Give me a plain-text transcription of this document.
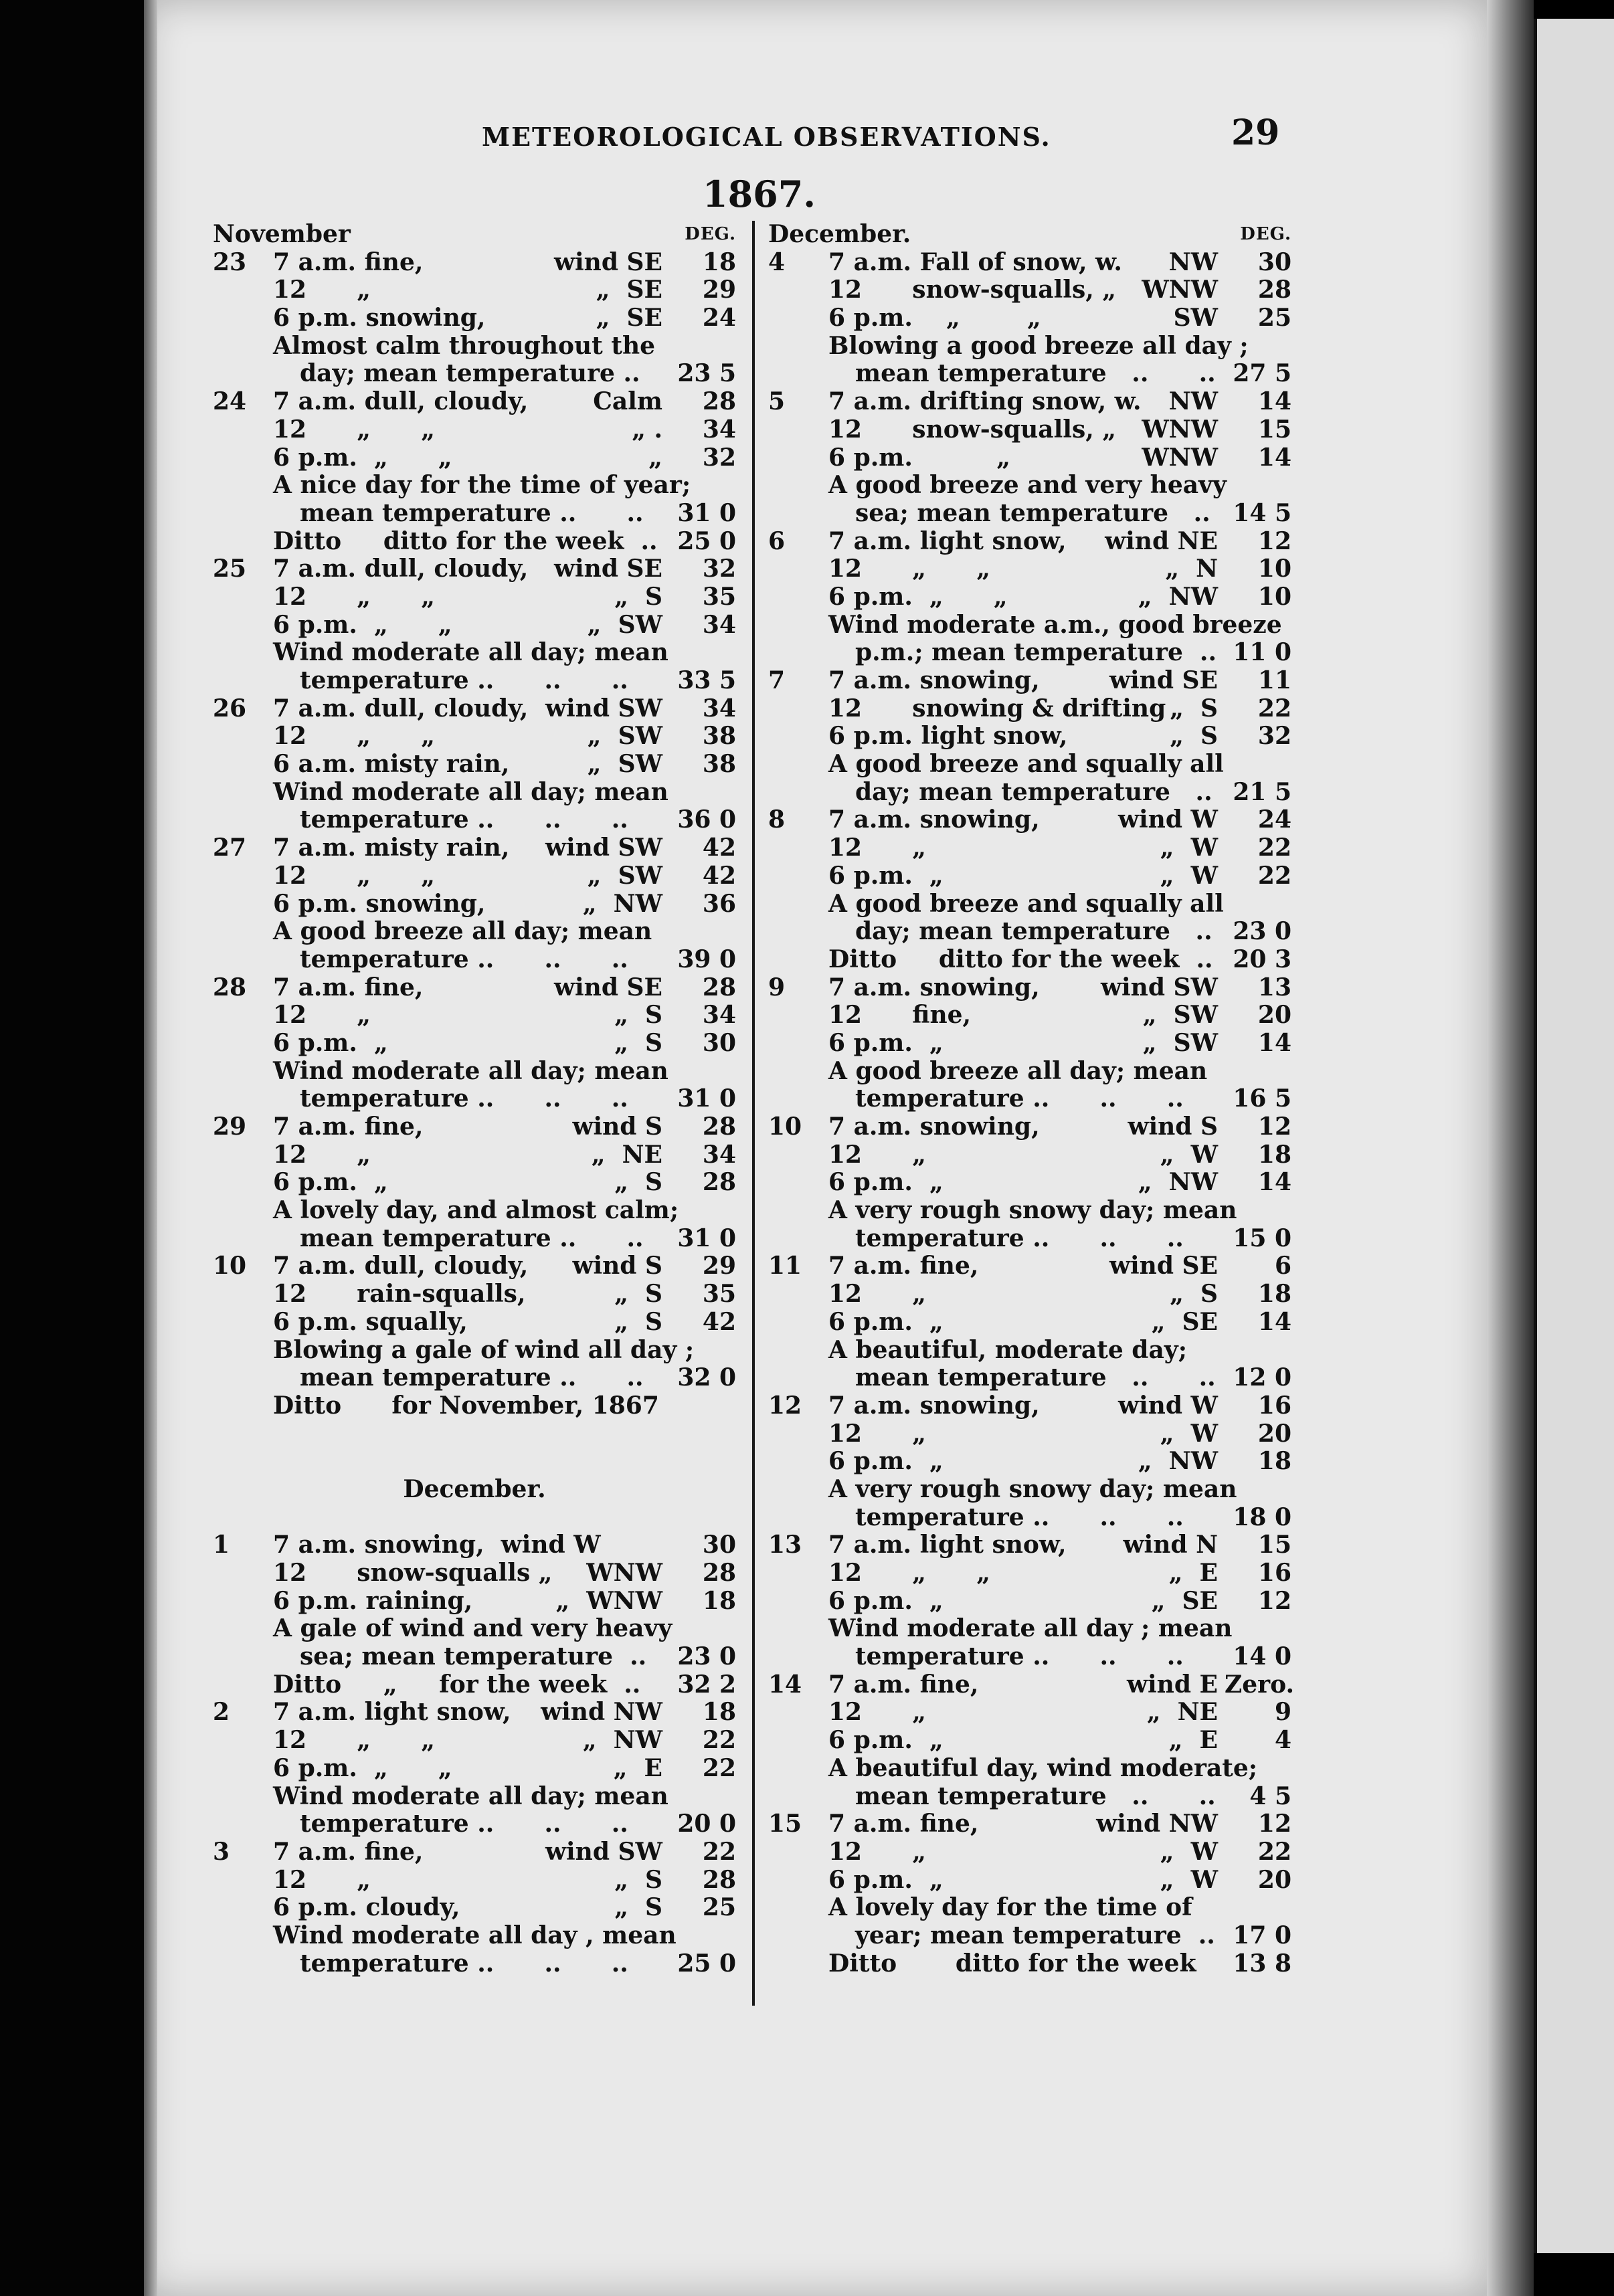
METEOROLOGICAL OBSERVATIONS.	29
1867.
November	DEG.
23	7 a.m. fine,	wind SE	18
12      „	„  SE	29
6 p.m. snowing,	„  SE	24
Almost calm throughout the
day; mean temperature ..	23 5
24	7 a.m. dull, cloudy,	Calm	28
12      „      „	„ .	34
6 p.m.  „      „	„	32
A nice day for the time of year;
mean temperature ..      ..	31 0
Ditto     ditto for the week  .. 25 0
25	7 a.m. dull, cloudy, wind SE	32
12      „      „	„  S	35
6 p.m.  „      „	„  SW	34
Wind moderate all day; mean
temperature ..      ..      ..	33 5
26	7 a.m. dull, cloudy, wind SW	34
12      „      „	„  SW	38
6 a.m. misty rain,	„  SW	38
Wind moderate all day; mean
temperature ..      ..      ..	36 0
27	7 a.m. misty rain, wind SW	42
12      „      „	„  SW	42
6 p.m. snowing,	„  NW	36
A good breeze all day; mean
temperature ..      ..      ..	39 0
28	7 a.m. fine,	wind SE	28
12      „	„  S	34
6 p.m.  „	„  S	30
Wind moderate all day; mean
temperature ..      ..      ..	31 0
29	7 a.m. fine,	wind S	28
12      „	„  NE	34
6 p.m.  „	„  S	28
A lovely day, and almost calm;
mean temperature ..      ..	31 0
10	7 a.m. dull, cloudy, wind S	29
12      rain-squalls,	„  S	35
6 p.m. squally,	„  S	42
Blowing a gale of wind all day ;
mean temperature ..      ..	32 0
Ditto      for November, 1867
December.
1	7 a.m. snowing,  wind W	30
12      snow-squalls „ WNW	28
6 p.m. raining,	„  WNW	18
A gale of wind and very heavy
sea; mean temperature  ..	23 0
Ditto     „     for the week  ..	32 2
2	7 a.m. light snow, wind NW	18
12      „      „	„  NW	22
6 p.m.  „      „	„  E	22
Wind moderate all day; mean
temperature ..      ..      ..	20 0
3	7 a.m. fine,	wind SW	22
12      „	„  S	28
6 p.m. cloudy,	„  S	25
Wind moderate all day , mean
temperature ..      ..      ..	25 0
December.	DEG.
4	7 a.m. Fall of snow, w. NW	30
12      snow-squalls, „ WNW	28
6 p.m.    „        „	SW	25
Blowing a good breeze all day ;
mean temperature   ..      .. 27 5
5	7 a.m. drifting snow, w. NW	14
12      snow-squalls, „ WNW	15
6 p.m.          „	WNW	14
A good breeze and very heavy
sea; mean temperature   .. 14 5
6	7 a.m. light snow, wind NE	12
12      „      „	„  N	10
6 p.m.  „      „	„  NW	10
Wind moderate a.m., good breeze
p.m.; mean temperature  .. 11 0
7	7 a.m. snowing,	wind SE	11
12      snowing & drifting „  S	22
6 p.m. light snow,	„  S	32
A good breeze and squally all
day; mean temperature   .. 21 5
8	7 a.m. snowing,	wind W	24
12      „	„  W	22
6 p.m.  „	„  W	22
A good breeze and squally all
day; mean temperature   .. 23 0
Ditto     ditto for the week  .. 20 3
9	7 a.m. snowing,	wind SW	13
12      fine,	„  SW	20
6 p.m.  „	„  SW	14
A good breeze all day; mean
temperature ..      ..      ..	16 5
10	7 a.m. snowing,	wind S	12
12      „	„  W	18
6 p.m.  „	„  NW	14
A very rough snowy day; mean
temperature ..      ..      ..	15 0
11	7 a.m. fine,	wind SE	6
12      „	„  S	18
6 p.m.  „	„  SE	14
A beautiful, moderate day;
mean temperature   ..      .. 12 0
12	7 a.m. snowing,	wind W	16
12      „	„  W	20
6 p.m.  „	„  NW	18
A very rough snowy day; mean
temperature ..      ..      ..	18 0
13	7 a.m. light snow, wind N	15
12      „      „	„  E	16
6 p.m.  „	„  SE	12
Wind moderate all day ; mean
temperature ..      ..      ..	14 0
14	7 a.m. fine,	wind E Zero.
12      „	„  NE	9
6 p.m.  „	„  E	4
A beautiful day, wind moderate;
mean temperature   ..      ..	4 5
15	7 a.m. fine,	wind NW	12
12      „	„  W	22
6 p.m.  „	„  W	20
A lovely day for the time of
year; mean temperature  .. 17 0
Ditto       ditto for the week	13 8
